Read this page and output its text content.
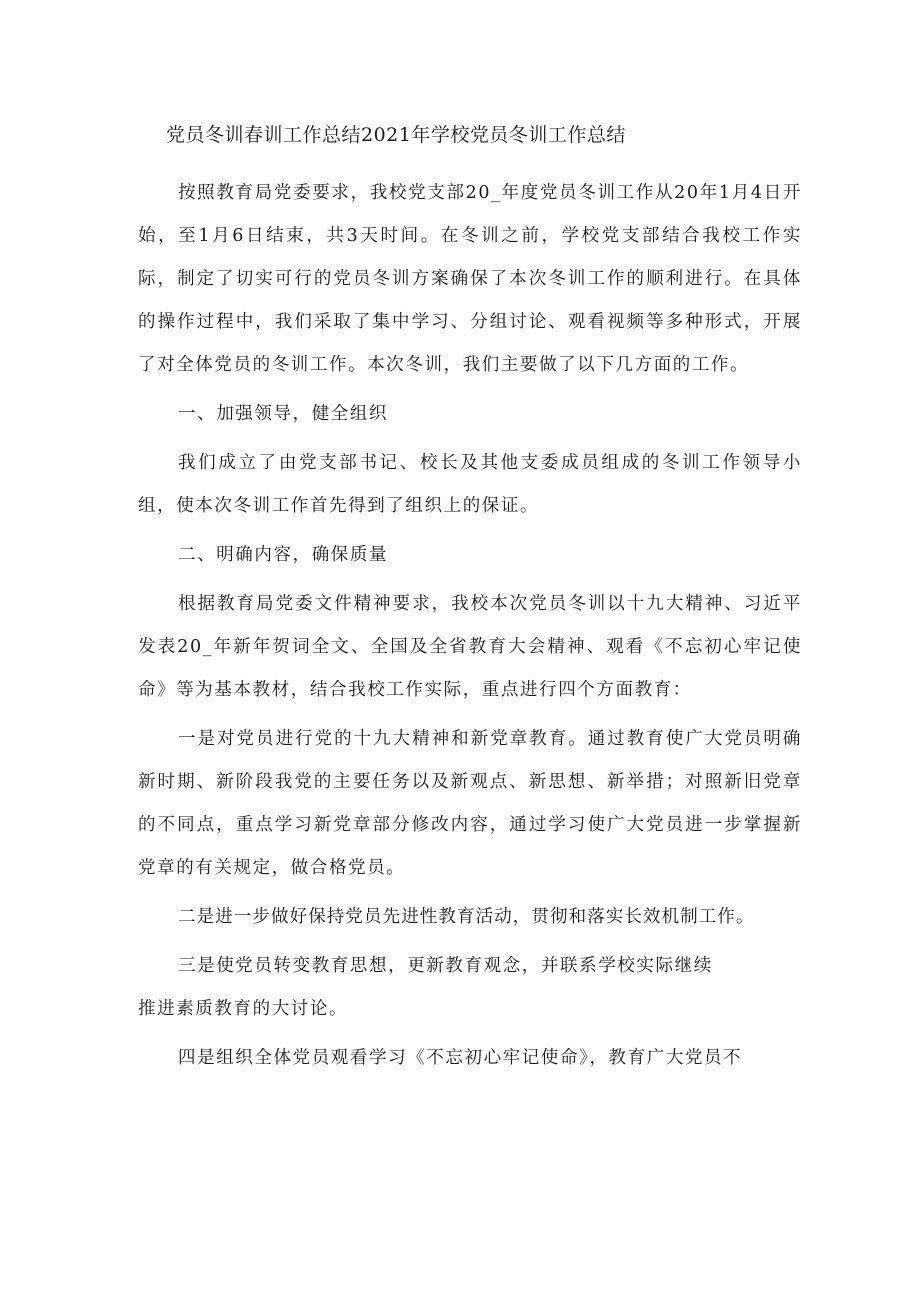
党员冬训春训工作总结2021年学校党员冬训工作总结

按照教育局党委要求，我校党支部20_年度党员冬训工作从20年1月4日开始，至1月6日结束，共3天时间。在冬训之前，学校党支部结合我校工作实际，制定了切实可行的党员冬训方案确保了本次冬训工作的顺利进行。在具体的操作过程中，我们采取了集中学习、分组讨论、观看视频等多种形式，开展了对全体党员的冬训工作。本次冬训，我们主要做了以下几方面的工作。

一、加强领导，健全组织

我们成立了由党支部书记、校长及其他支委成员组成的冬训工作领导小组，使本次冬训工作首先得到了组织上的保证。

二、明确内容，确保质量

根据教育局党委文件精神要求，我校本次党员冬训以十九大精神、习近平发表20_年新年贺词全文、全国及全省教育大会精神、观看《不忘初心牢记使命》等为基本教材，结合我校工作实际，重点进行四个方面教育：

一是对党员进行党的十九大精神和新党章教育。通过教育使广大党员明确新时期、新阶段我党的主要任务以及新观点、新思想、新举措；对照新旧党章的不同点，重点学习新党章部分修改内容，通过学习使广大党员进一步掌握新党章的有关规定，做合格党员。

二是进一步做好保持党员先进性教育活动，贯彻和落实长效机制工作。

三是使党员转变教育思想，更新教育观念，并联系学校实际继续
推进素质教育的大讨论。

四是组织全体党员观看学习《不忘初心牢记使命》，教育广大党员不
